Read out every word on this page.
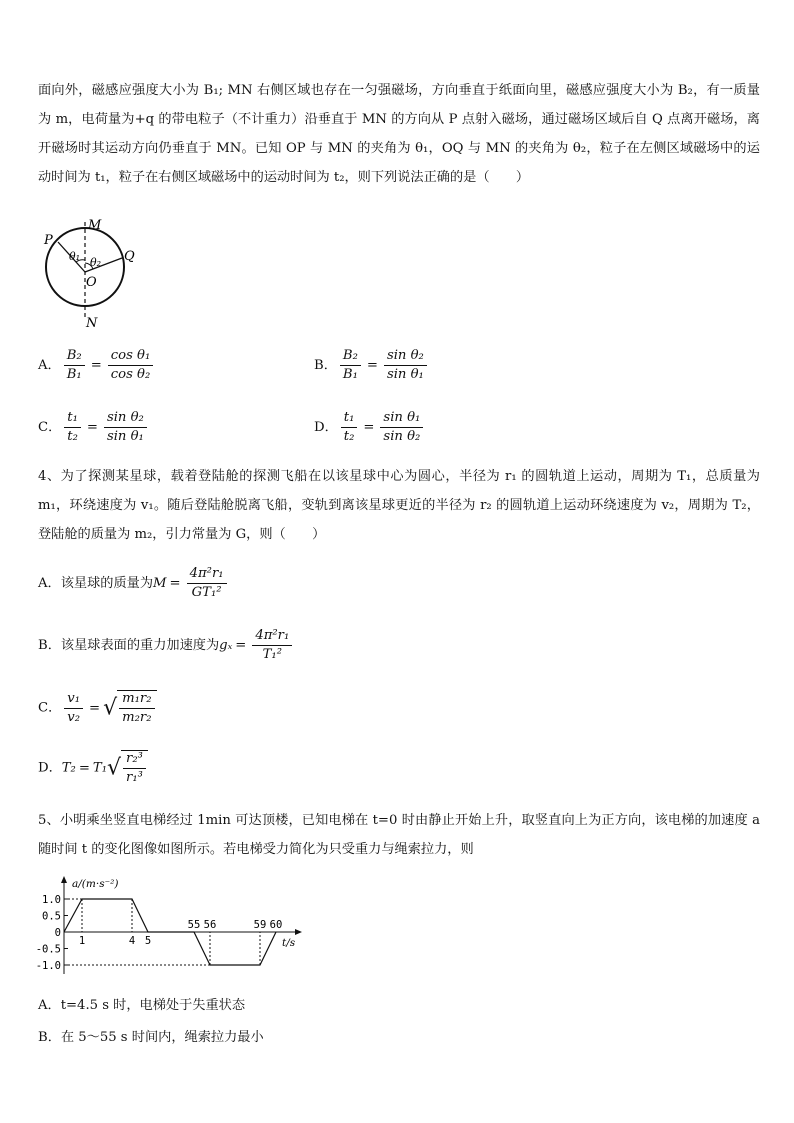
面向外，磁感应强度大小为 B₁; MN 右侧区域也存在一匀强磁场，方向垂直于纸面向里，磁感应强度大小为 B₂，有一质量为 m，电荷量为+q 的带电粒子（不计重力）沿垂直于 MN 的方向从 P 点射入磁场，通过磁场区域后自 Q 点离开磁场，离开磁场时其运动方向仍垂直于 MN。已知 OP 与 MN 的夹角为 θ₁，OQ 与 MN 的夹角为 θ₂，粒子在左侧区域磁场中的运动时间为 t₁，粒子在右侧区域磁场中的运动时间为 t₂，则下列说法正确的是（　　）
M
N
P
Q
O
θ₁ θ₂
A． $\frac{\text{B₂}}{\text{B₁}} = \frac{\text{cos θ₁}}{\text{cos θ₂}}$	B． $\frac{\text{B₂}}{\text{B₁}} = \frac{\text{sin θ₂}}{\text{sin θ₁}}$
C． $\frac{\text{t₁}}{\text{t₂}} = \frac{\text{sin θ₂}}{\text{sin θ₁}}$	D． $\frac{\text{t₁}}{\text{t₂}} = \frac{\text{sin θ₁}}{\text{sin θ₂}}$
4、为了探测某星球，载着登陆舱的探测飞船在以该星球中心为圆心，半径为 r₁ 的圆轨道上运动，周期为 T₁，总质量为 m₁，环绕速度为 v₁。随后登陆舱脱离飞船，变轨到离该星球更近的半径为 r₂ 的圆轨道上运动环绕速度为 v₂，周期为 T₂，登陆舱的质量为 m₂，引力常量为 G，则（　　）
A．该星球的质量为$M = \frac{\text{4π²r₁}}{\text{GT₁²}}$
B．该星球表面的重力加速度为$g_x = \frac{\text{4π²r₁}}{\text{T₁²}}$
C． $\frac{\text{v₁}}{\text{v₂}}$ = √ $\frac{\text{m₁r₂}}{\text{m₂r₂}}$
D．$T_2 = T_1√ \frac{\text{r₂³}}{\text{r₁³}}$
5、小明乘坐竖直电梯经过 1min 可达顶楼，已知电梯在 t=0 时由静止开始上升，取竖直向上为正方向，该电梯的加速度 a 随时间 t 的变化图像如图所示。若电梯受力简化为只受重力与绳索拉力，则
1.0
0.5
0
-0.5
-1.0
1	4 5
55 56	59 60
a/(m·s⁻²)
t/s
A．t=4.5 s 时，电梯处于失重状态
B．在 5～55 s 时间内，绳索拉力最小
